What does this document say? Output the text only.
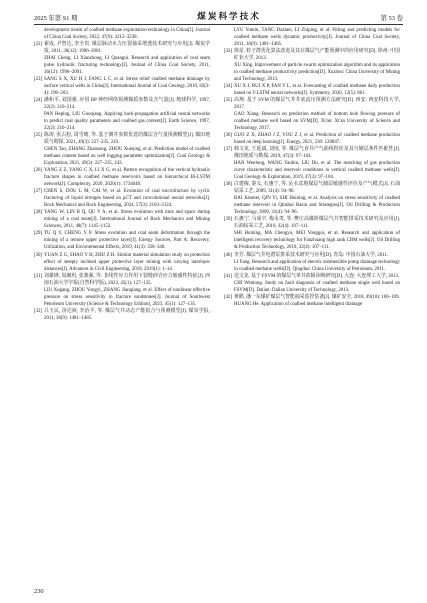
2025 年第 S1 期	煤炭科学技术	第 53 卷
development trends of coalbed methane exploitation technology in China[J]. Journal of China Coal Society, 2022, 47(9): 3212–3238.
[22] 翟成, 尹智达, 李全贵. 煤层脉动水力压裂抽采增透技术研究与应用[J]. 煤炭学报, 2011, 36(12): 1996–2001.
ZHAI Cheng, LI Xianzhong, LI Quangui. Research and application of coal seam pulse hydraulic fracturing technology[J]. Journal of China Coal Society, 2011, 36(12): 1996–2001.
[23] SANG S X, XU H J, FANG L C, et al. Stress relief coalbed methane drainage by surface vertical wells in China[J]. International Journal of Coal Geology, 2010, 82(3-4): 196–203.
[24] 潘和平, 刘国强. 应用 BP 神经网络预测煤质参数及含气量[J]. 地球科学, 1997, 22(2): 210–214.
PAN Heping, LIU Guoqiang. Applying back-propagation artificial neural networks to predict coal quality parameters and coalbed gas content[J]. Earth Science, 1997, 22(2): 210–214.
[25] 陈涛, 张占松, 周雪晴, 等. 基于测井参数优选的煤层含气量预测模型[J]. 煤田地质与勘探, 2021, 49(3): 227–235, 243.
CHEN Tao, ZHANG Zhansong, ZHOU Xueqing, et al. Prediction model of coalbed methane content based on well logging parameter optimization[J]. Coal Geology & Exploration, 2021, 49(3): 227–235, 243.
[26] YANG Z Z, YANG C X, LI X G, et al. Pattern recognition of the vertical hydraulic fracture shapes in coalbed methane reservoirs based on hierarchical Bi-LSTM network[J]. Complexity, 2020, 2020(1): 1734048.
[27] CHEN S, DOU L M, CAI W, et al. Evolution of coal microfracture by cyclic fracturing of liquid nitrogen based on μCT and convolutional neural networks[J]. Rock Mechanics and Rock Engineering, 2024, 57(3): 2103–2124.
[28] YANG W, LIN B Q, QU Y A, et al. Stress evolution with time and space during mining of a coal seam[J]. International Journal of Rock Mechanics and Mining Sciences, 2011, 48(7): 1145–1152.
[29] TU Q Y, CHENG Y P. Stress evolution and coal seam deformation through the mining of a remote upper protective layer[J]. Energy Sources, Part A: Recovery, Utilization, and Environmental Effects, 2019, 41(3): 338–348.
[30] YUAN Z G, SHAO Y H, ZHU Z H. Similar material simulation study on protection effect of steeply inclined upper protective layer mining with varying interlayer distances[J]. Advances in Civil Engineering, 2019, 2019(1): 1–14.
[31] 刘雄锋, 周湘玥, 张骏强, 等. 非线性应力作用下裂缝砂岩应力敏感性特征[J]. 西南石油大学学报(自然科学版), 2023, 45(1): 127–135.
LIU Xugang, ZHOU Yongyi, ZHANG Jianqiang, et al. Effect of nonlinear effective pressure on stress sensitivity in fracture sandstones[J]. Journal of Southwest Petroleum University (Science & Technology Edition), 2023, 45(1): 127–135.
[32] 吕玉民, 汤达祯, 李治平, 等. 煤层气井动态产能拟合与预测模型[J]. 煤炭学报, 2011, 36(9): 1481–1485.
LYU Yumin, TANG Dazhen, LI Zhiping, et al. Fitting and predicting models for coalbed methane wells dynamic productivity[J]. Journal of China Coal Society, 2011, 36(9): 1481–1485.
[33] 徐星. 粒子群优化算法改进及其在煤层气产能预测中的应用研究[D]. 徐州: 中国矿业大学, 2013.
XU Xing. Improvement of particle swarm optimization algorithm and its application in coalbed methane productivity prediction[D]. Xuzhou: China University of Mining and Technology, 2013.
[34] XU X J, RUI X P, FAN Y L, et al. Forecasting of coalbed methane daily production based on T-LSTM neural networks[J]. Symmetry, 2020, 12(5): 861.
[35] 高翔. 基于 SVM 的煤层气井井底流压预测方法研究[D]. 西安: 西安科技大学, 2017.
GAO Xiang. Research on prediction method of bottom hole flowing pressure of coalbed methane well based on SVM[D]. Xi'an: Xi'an University of Science and Technology, 2017.
[36] GUO Z X, ZHAO J Z, YOU Z J, et al. Prediction of coalbed methane production based on deep learning[J]. Energy, 2021, 230: 120847.
[37] 韩文龙, 王延斌, 刘度, 等. 煤层气直井产气曲线特征及其与储层条件匹配性[J]. 煤田地质与勘探, 2019, 47(3): 97–104.
HAN Wenlong, WANG Yanbin, LIU Du, et al. The matching of gas production curve characteristic and reservoir conditions in vertical coalbed methane wells[J]. Coal Geology & Exploration, 2019, 47(3): 97–104.
[38] 白建梅, 秦义, 石惠宁, 等. 沁水盆地煤层气储层敏感性评价及产气模式[J]. 石油钻采工艺, 2009, 31(4): 94–96.
BAI Jianmei, QIN Yi, SHI Huining, et al. Analysis on stress sensitivity of coalbed methane reservoir in Qinshui Basin and Strategies[J]. Oil Drilling & Production Technology, 2009, 31(4): 94–96.
[39] 石惠宁, 马成宇, 梅永贵, 等. 樊庄高煤阶煤层气井智能排采技术研究及应用[J]. 石油钻采工艺, 2010, 32(4): 107–111.
SHI Huining, MA Chengyu, MEI Yonggui, et al. Research and application of intelligent recovery technology for Fanzhuang high rank CBM wells[J]. Oil Drilling & Production Technology, 2010, 32(4): 107–111.
[40] 李芳. 煤层气井电潜泵排采技术研究与应用[D]. 青岛: 中国石油大学, 2011.
LI Fang. Research and application of electric submersible pump drainage technology in coalbed methane wells[D]. Qingdao: China University of Petroleum, 2011.
[41] 迟文龙. 基于 FSVM 的煤层气单井故障诊断研究[D]. 大连: 大连理工大学, 2013.
CHI Wenlong. Study on fault diagnosis of coalbed methane single well based on FSVM[D]. Dalian: Dalian University of Technology, 2013.
[42] 黄鹤. 潘一东煤矿煤层气智能抽采监控装备[J]. 煤矿安全, 2018, 49(10): 106–109.
HUANG He. Application of coalbed methane intelligent drainage
230
